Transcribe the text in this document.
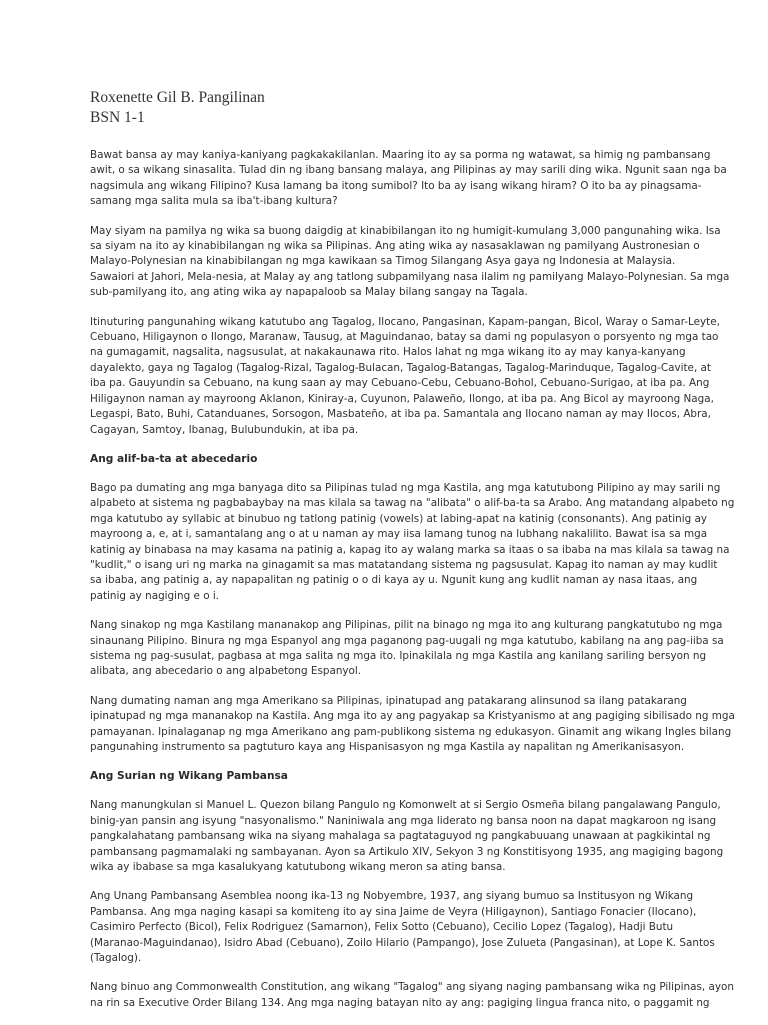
Roxenette Gil B. Pangilinan
BSN 1-1

Bawat bansa ay may kaniya-kaniyang pagkakakilanlan. Maaring ito ay sa porma ng watawat, sa himig ng pambansang
awit, o sa wikang sinasalita. Tulad din ng ibang bansang malaya, ang Pilipinas ay may sarili ding wika. Ngunit saan nga ba
nagsimula ang wikang Filipino? Kusa lamang ba itong sumibol? Ito ba ay isang wikang hiram? O ito ba ay pinagsama-
samang mga salita mula sa iba't-ibang kultura?

May siyam na pamilya ng wika sa buong daigdig at kinabibilangan ito ng humigit-kumulang 3,000 pangunahing wika. Isa
sa siyam na ito ay kinabibilangan ng wika sa Pilipinas. Ang ating wika ay nasasaklawan ng pamilyang Austronesian o
Malayo-Polynesian na kinabibilangan ng mga kawikaan sa Timog Silangang Asya gaya ng Indonesia at Malaysia.
Sawaiori at Jahori, Mela-nesia, at Malay ay ang tatlong subpamilyang nasa ilalim ng pamilyang Malayo-Polynesian. Sa mga
sub-pamilyang ito, ang ating wika ay napapaloob sa Malay bilang sangay na Tagala.

Itinuturing pangunahing wikang katutubo ang Tagalog, Ilocano, Pangasinan, Kapam-pangan, Bicol, Waray o Samar-Leyte,
Cebuano, Hiligaynon o Ilongo, Maranaw, Tausug, at Maguindanao, batay sa dami ng populasyon o porsyento ng mga tao
na gumagamit, nagsalita, nagsusulat, at nakakaunawa rito. Halos lahat ng mga wikang ito ay may kanya-kanyang
dayalekto, gaya ng Tagalog (Tagalog-Rizal, Tagalog-Bulacan, Tagalog-Batangas, Tagalog-Marinduque, Tagalog-Cavite, at
iba pa. Gauyundin sa Cebuano, na kung saan ay may Cebuano-Cebu, Cebuano-Bohol, Cebuano-Surigao, at iba pa. Ang
Hiligaynon naman ay mayroong Aklanon, Kiniray-a, Cuyunon, Palaweño, Ilongo, at iba pa. Ang Bicol ay mayroong Naga,
Legaspi, Bato, Buhi, Catanduanes, Sorsogon, Masbateño, at iba pa. Samantala ang Ilocano naman ay may Ilocos, Abra,
Cagayan, Samtoy, Ibanag, Bulubundukin, at iba pa.

Ang alif-ba-ta at abecedario

Bago pa dumating ang mga banyaga dito sa Pilipinas tulad ng mga Kastila, ang mga katutubong Pilipino ay may sarili ng
alpabeto at sistema ng pagbabaybay na mas kilala sa tawag na "alibata" o alif-ba-ta sa Arabo. Ang matandang alpabeto ng
mga katutubo ay syllabic at binubuo ng tatlong patinig (vowels) at labing-apat na katinig (consonants). Ang patinig ay
mayroong a, e, at i, samantalang ang o at u naman ay may iisa lamang tunog na lubhang nakalilito. Bawat isa sa mga
katinig ay binabasa na may kasama na patinig a, kapag ito ay walang marka sa itaas o sa ibaba na mas kilala sa tawag na
"kudlit," o isang uri ng marka na ginagamit sa mas matatandang sistema ng pagsusulat. Kapag ito naman ay may kudlit
sa ibaba, ang patinig a, ay napapalitan ng patinig o o di kaya ay u. Ngunit kung ang kudlit naman ay nasa itaas, ang
patinig ay nagiging e o i.

Nang sinakop ng mga Kastilang mananakop ang Pilipinas, pilit na binago ng mga ito ang kulturang pangkatutubo ng mga
sinaunang Pilipino. Binura ng mga Espanyol ang mga paganong pag-uugali ng mga katutubo, kabilang na ang pag-iiba sa
sistema ng pag-susulat, pagbasa at mga salita ng mga ito. Ipinakilala ng mga Kastila ang kanilang sariling bersyon ng
alibata, ang abecedario o ang alpabetong Espanyol.

Nang dumating naman ang mga Amerikano sa Pilipinas, ipinatupad ang patakarang alinsunod sa ilang patakarang
ipinatupad ng mga mananakop na Kastila. Ang mga ito ay ang pagyakap sa Kristyanismo at ang pagiging sibilisado ng mga
pamayanan. Ipinalaganap ng mga Amerikano ang pam-publikong sistema ng edukasyon. Ginamit ang wikang Ingles bilang
pangunahing instrumento sa pagtuturo kaya ang Hispanisasyon ng mga Kastila ay napalitan ng Amerikanisasyon.

Ang Surian ng Wikang Pambansa

Nang manungkulan si Manuel L. Quezon bilang Pangulo ng Komonwelt at si Sergio Osmeña bilang pangalawang Pangulo,
binig-yan pansin ang isyung "nasyonalismo." Naniniwala ang mga liderato ng bansa noon na dapat magkaroon ng isang
pangkalahatang pambansang wika na siyang mahalaga sa pagtataguyod ng pangkabuuang unawaan at pagkikintal ng
pambansang pagmamalaki ng sambayanan. Ayon sa Artikulo XIV, Sekyon 3 ng Konstitisyong 1935, ang magiging bagong
wika ay ibabase sa mga kasalukyang katutubong wikang meron sa ating bansa.

Ang Unang Pambansang Asemblea noong ika-13 ng Nobyembre, 1937, ang siyang bumuo sa Institusyon ng Wikang
Pambansa. Ang mga naging kasapi sa komiteng ito ay sina Jaime de Veyra (Hiligaynon), Santiago Fonacier (Ilocano),
Casimiro Perfecto (Bicol), Felix Rodriguez (Samarnon), Felix Sotto (Cebuano), Cecilio Lopez (Tagalog), Hadji Butu
(Maranao-Maguindanao), Isidro Abad (Cebuano), Zoilo Hilario (Pampango), Jose Zulueta (Pangasinan), at Lope K. Santos
(Tagalog).

Nang binuo ang Commonwealth Constitution, ang wikang "Tagalog" ang siyang naging pambansang wika ng Pilipinas, ayon
na rin sa Executive Order Bilang 134. Ang mga naging batayan nito ay ang: pagiging lingua franca nito, o paggamit ng
